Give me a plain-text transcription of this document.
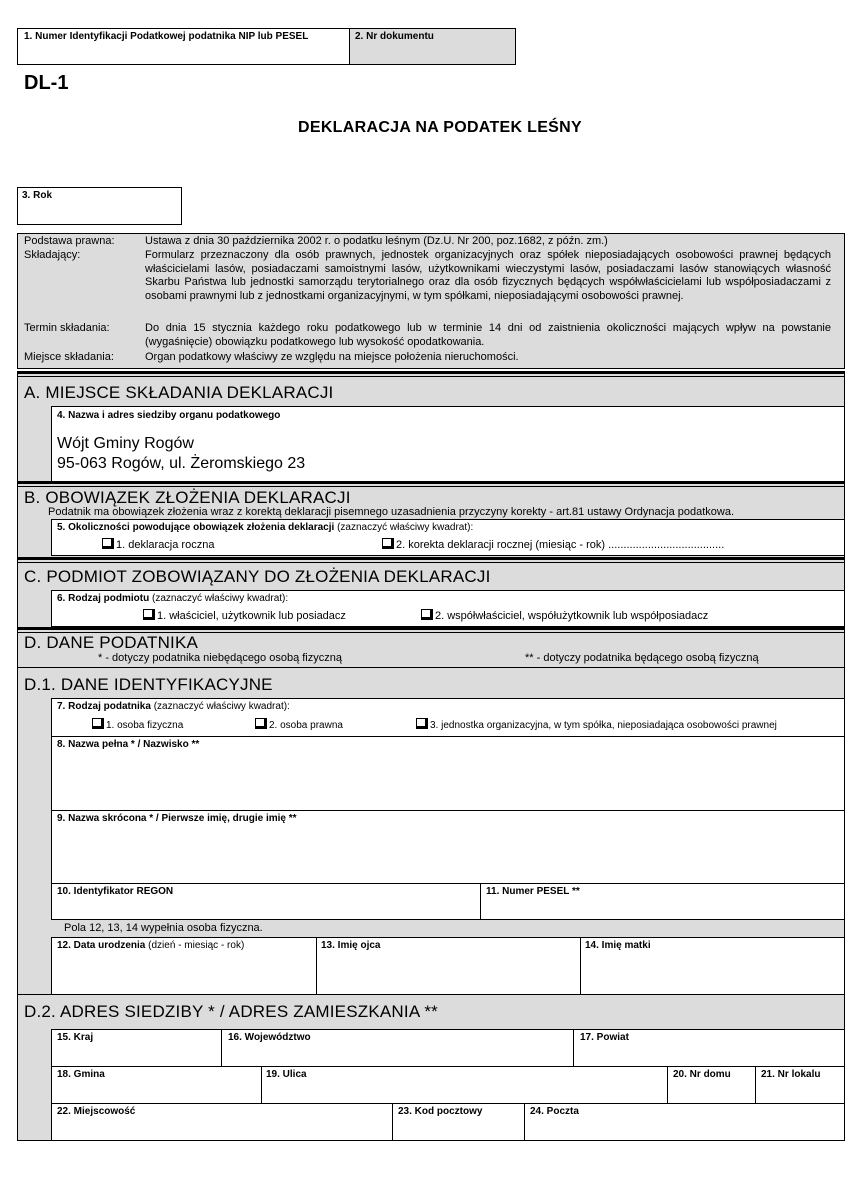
1. Numer Identyfikacji Podatkowej podatnika NIP lub PESEL	2. Nr dokumentu
DL-1
DEKLARACJA NA PODATEK LEŚNY
3. Rok
Podstawa prawna:	Ustawa z dnia 30 października 2002 r. o podatku leśnym (Dz.U. Nr 200, poz.1682, z późn. zm.)
Składający:	Formularz przeznaczony dla osób prawnych, jednostek organizacyjnych oraz spółek nieposiadających osobowości prawnej będących właścicielami lasów, posiadaczami samoistnymi lasów, użytkownikami wieczystymi lasów, posiadaczami lasów stanowiących własność Skarbu Państwa lub jednostki samorządu terytorialnego oraz dla osób fizycznych będących współwłaścicielami lub współposiadaczami z osobami prawnymi lub z jednostkami organizacyjnymi, w tym spółkami, nieposiadającymi osobowości prawnej.
Termin składania:	Do dnia 15 stycznia każdego roku podatkowego lub w terminie 14 dni od zaistnienia okoliczności mających wpływ na powstanie (wygaśnięcie) obowiązku podatkowego lub wysokość opodatkowania.
Miejsce składania:	Organ podatkowy właściwy ze względu na miejsce położenia nieruchomości.
A. MIEJSCE SKŁADANIA DEKLARACJI
4. Nazwa i adres siedziby organu podatkowego
Wójt Gminy Rogów
95-063 Rogów, ul. Żeromskiego 23
B. OBOWIĄZEK ZŁOŻENIA DEKLARACJI
Podatnik ma obowiązek złożenia wraz z korektą deklaracji pisemnego uzasadnienia przyczyny korekty - art.81 ustawy Ordynacja podatkowa.
5. Okoliczności powodujące obowiązek złożenia deklaracji (zaznaczyć właściwy kwadrat):
1. deklaracja roczna	2. korekta deklaracji rocznej (miesiąc - rok) ......................................
C. PODMIOT ZOBOWIĄZANY DO ZŁOŻENIA DEKLARACJI
6. Rodzaj podmiotu (zaznaczyć właściwy kwadrat):
1. właściciel, użytkownik lub posiadacz	2. współwłaściciel, współużytkownik lub współposiadacz
D. DANE PODATNIKA
* - dotyczy podatnika niebędącego osobą fizyczną	** - dotyczy podatnika będącego osobą fizyczną
D.1. DANE IDENTYFIKACYJNE
7. Rodzaj podatnika (zaznaczyć właściwy kwadrat):
1. osoba fizyczna	2. osoba prawna	3. jednostka organizacyjna, w tym spółka, nieposiadająca osobowości prawnej
8. Nazwa pełna * / Nazwisko **
9. Nazwa skrócona * / Pierwsze imię, drugie imię **
10. Identyfikator REGON	11. Numer PESEL **
Pola 12, 13, 14 wypełnia osoba fizyczna.
12. Data urodzenia (dzień - miesiąc - rok)	13. Imię ojca	14. Imię matki
D.2. ADRES SIEDZIBY * / ADRES ZAMIESZKANIA **
15. Kraj	16. Województwo	17. Powiat
18. Gmina	19. Ulica	20. Nr domu	21. Nr lokalu
22. Miejscowość	23. Kod pocztowy	24. Poczta
